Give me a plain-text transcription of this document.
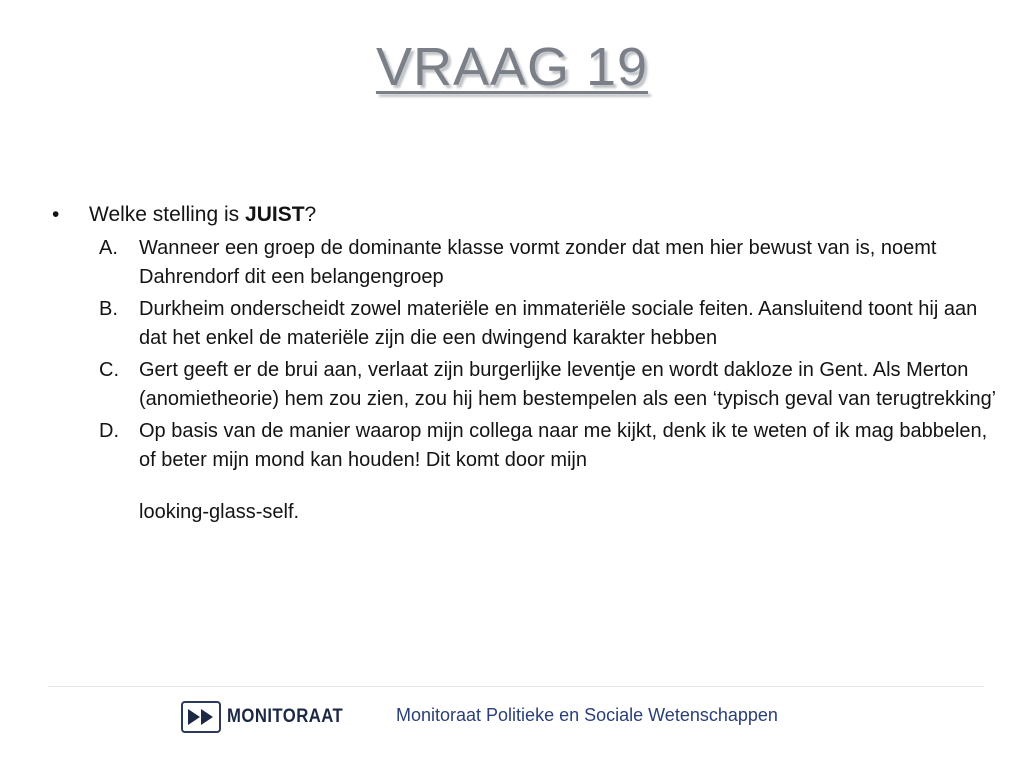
VRAAG 19
•	Welke stelling is JUIST?
A.	Wanneer een groep de dominante klasse vormt zonder dat men hier bewust van is, noemt Dahrendorf dit een belangengroep
B.	Durkheim onderscheidt zowel materiële en immateriële sociale feiten. Aansluitend toont hij aan dat het enkel de materiële zijn die een dwingend karakter hebben
C.	Gert geeft er de brui aan, verlaat zijn burgerlijke leventje en wordt dakloze in Gent. Als Merton (anomietheorie) hem zou zien, zou hij hem bestempelen als een ‘typisch geval van terugtrekking’
D.	Op basis van de manier waarop mijn collega naar me kijkt, denk ik te weten of ik mag babbelen, of beter mijn mond kan houden! Dit komt door mijn
looking-glass-self.
MONITORAAT	Monitoraat Politieke en Sociale Wetenschappen
